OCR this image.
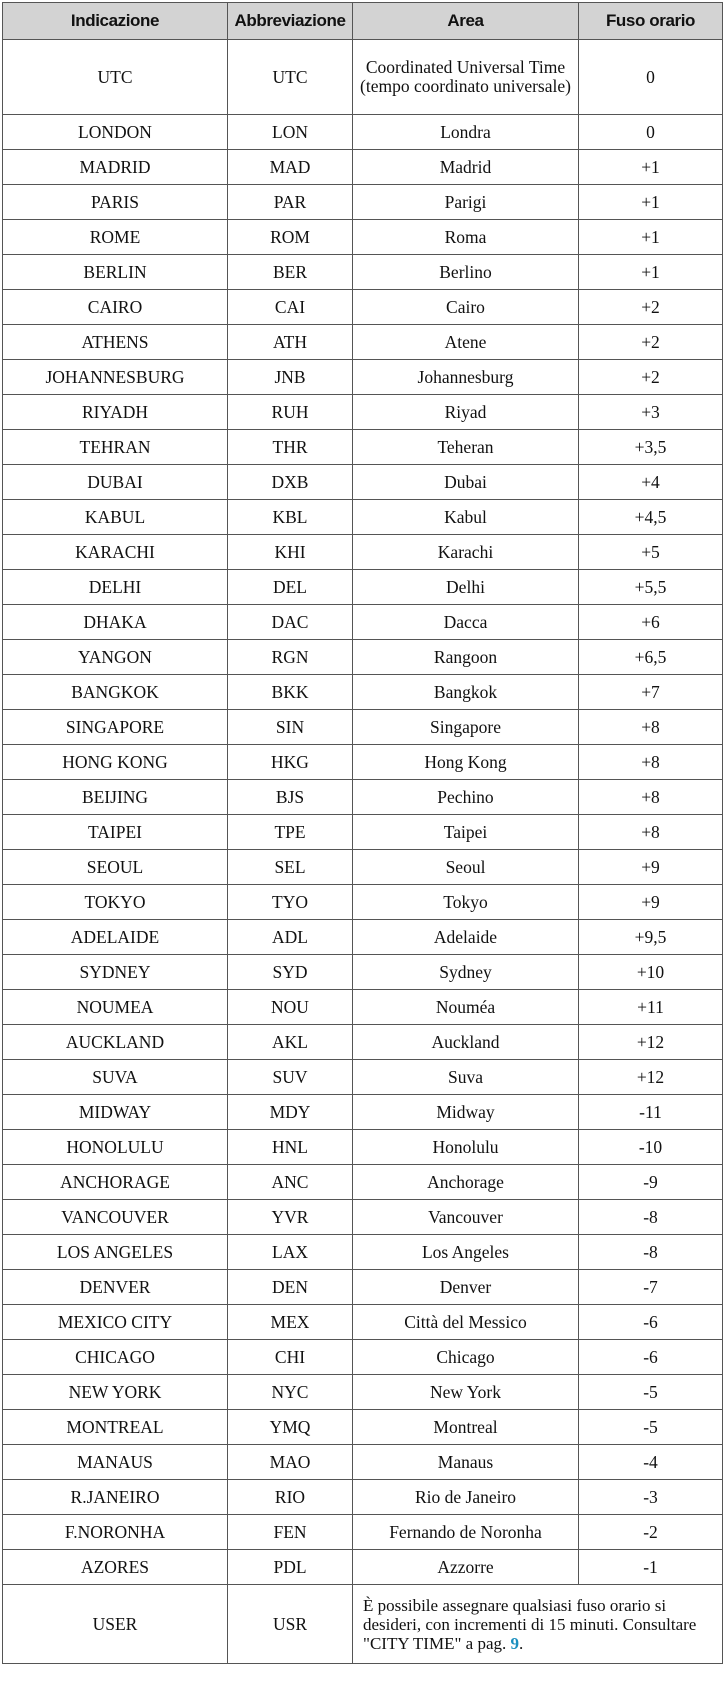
Indicazione	Abbreviazione	Area	Fuso orario
UTC	UTC	Coordinated Universal Time (tempo coordinato universale)	0
LONDON	LON	Londra	0
MADRID	MAD	Madrid	+1
PARIS	PAR	Parigi	+1
ROME	ROM	Roma	+1
BERLIN	BER	Berlino	+1
CAIRO	CAI	Cairo	+2
ATHENS	ATH	Atene	+2
JOHANNESBURG	JNB	Johannesburg	+2
RIYADH	RUH	Riyad	+3
TEHRAN	THR	Teheran	+3,5
DUBAI	DXB	Dubai	+4
KABUL	KBL	Kabul	+4,5
KARACHI	KHI	Karachi	+5
DELHI	DEL	Delhi	+5,5
DHAKA	DAC	Dacca	+6
YANGON	RGN	Rangoon	+6,5
BANGKOK	BKK	Bangkok	+7
SINGAPORE	SIN	Singapore	+8
HONG KONG	HKG	Hong Kong	+8
BEIJING	BJS	Pechino	+8
TAIPEI	TPE	Taipei	+8
SEOUL	SEL	Seoul	+9
TOKYO	TYO	Tokyo	+9
ADELAIDE	ADL	Adelaide	+9,5
SYDNEY	SYD	Sydney	+10
NOUMEA	NOU	Nouméa	+11
AUCKLAND	AKL	Auckland	+12
SUVA	SUV	Suva	+12
MIDWAY	MDY	Midway	-11
HONOLULU	HNL	Honolulu	-10
ANCHORAGE	ANC	Anchorage	-9
VANCOUVER	YVR	Vancouver	-8
LOS ANGELES	LAX	Los Angeles	-8
DENVER	DEN	Denver	-7
MEXICO CITY	MEX	Città del Messico	-6
CHICAGO	CHI	Chicago	-6
NEW YORK	NYC	New York	-5
MONTREAL	YMQ	Montreal	-5
MANAUS	MAO	Manaus	-4
R.JANEIRO	RIO	Rio de Janeiro	-3
F.NORONHA	FEN	Fernando de Noronha	-2
AZORES	PDL	Azzorre	-1
USER	USR	È possibile assegnare qualsiasi fuso orario si desideri, con incrementi di 15 minuti. Consultare "CITY TIME" a pag. 9.	
